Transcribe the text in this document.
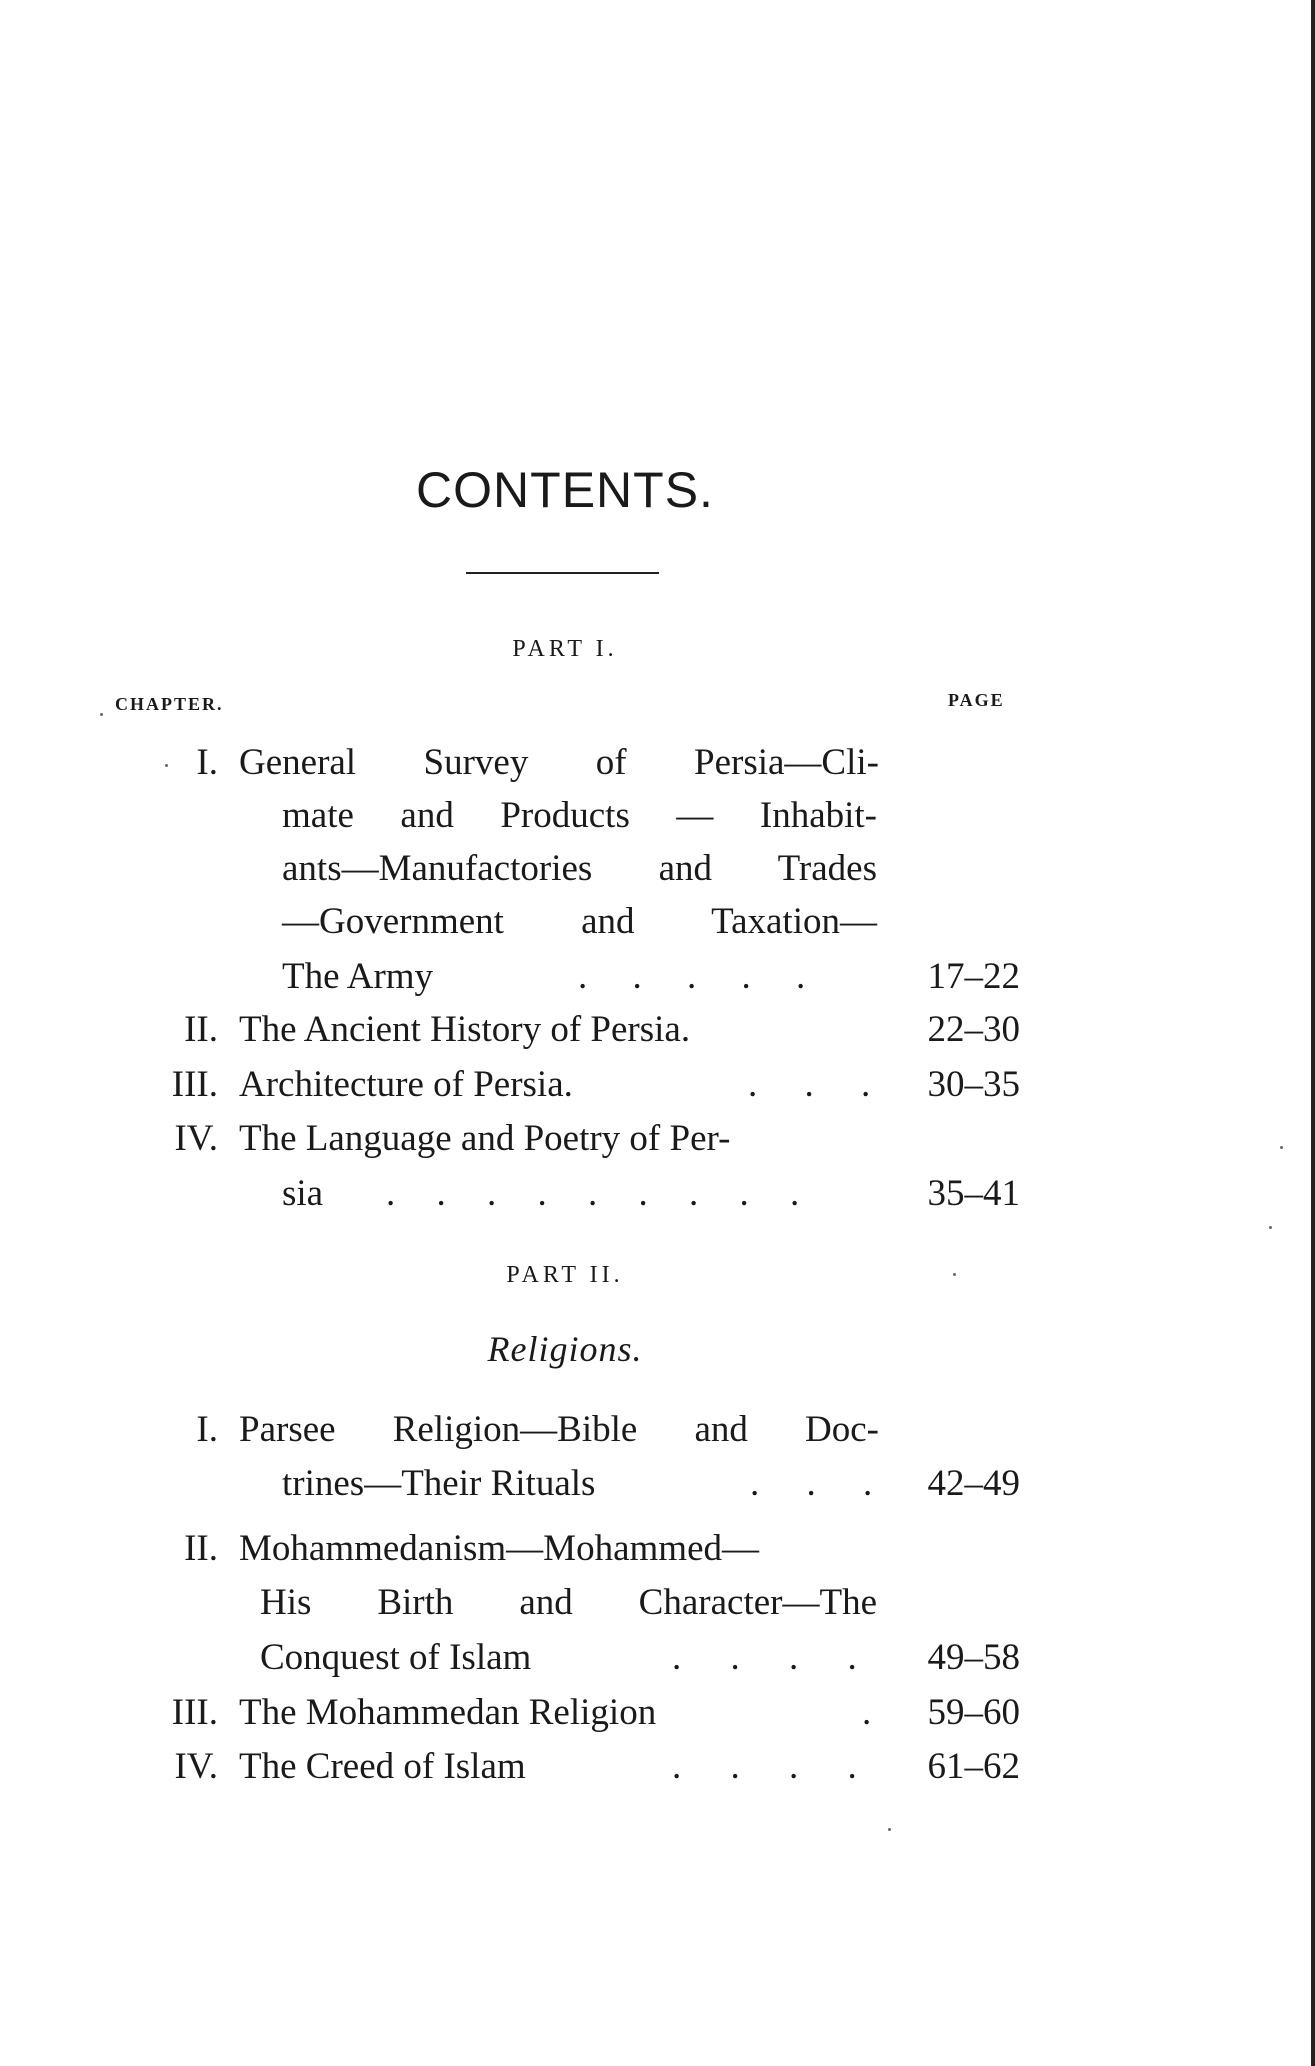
CONTENTS.
PART I.
CHAPTER.	PAGE
I. General Survey of Persia—Cli-
mate and Products — Inhabit-
ants—Manufactories and Trades
—Government and Taxation—
The Army	. . . . .	17–22
II. The Ancient History of Persia.	22–30
III. Architecture of Persia.	. . .	30–35
IV. The Language and Poetry of Per-
sia . . . . . . . . .	35–41
PART II.
Religions.
I. Parsee Religion—Bible and Doc-
trines—Their Rituals	. . . 42–49
II. Mohammedanism—Mohammed—
His Birth and Character—The
Conquest of Islam	. . . .	49–58
III. The Mohammedan Religion	.	59–60
IV. The Creed of Islam	. . . .	61–62
